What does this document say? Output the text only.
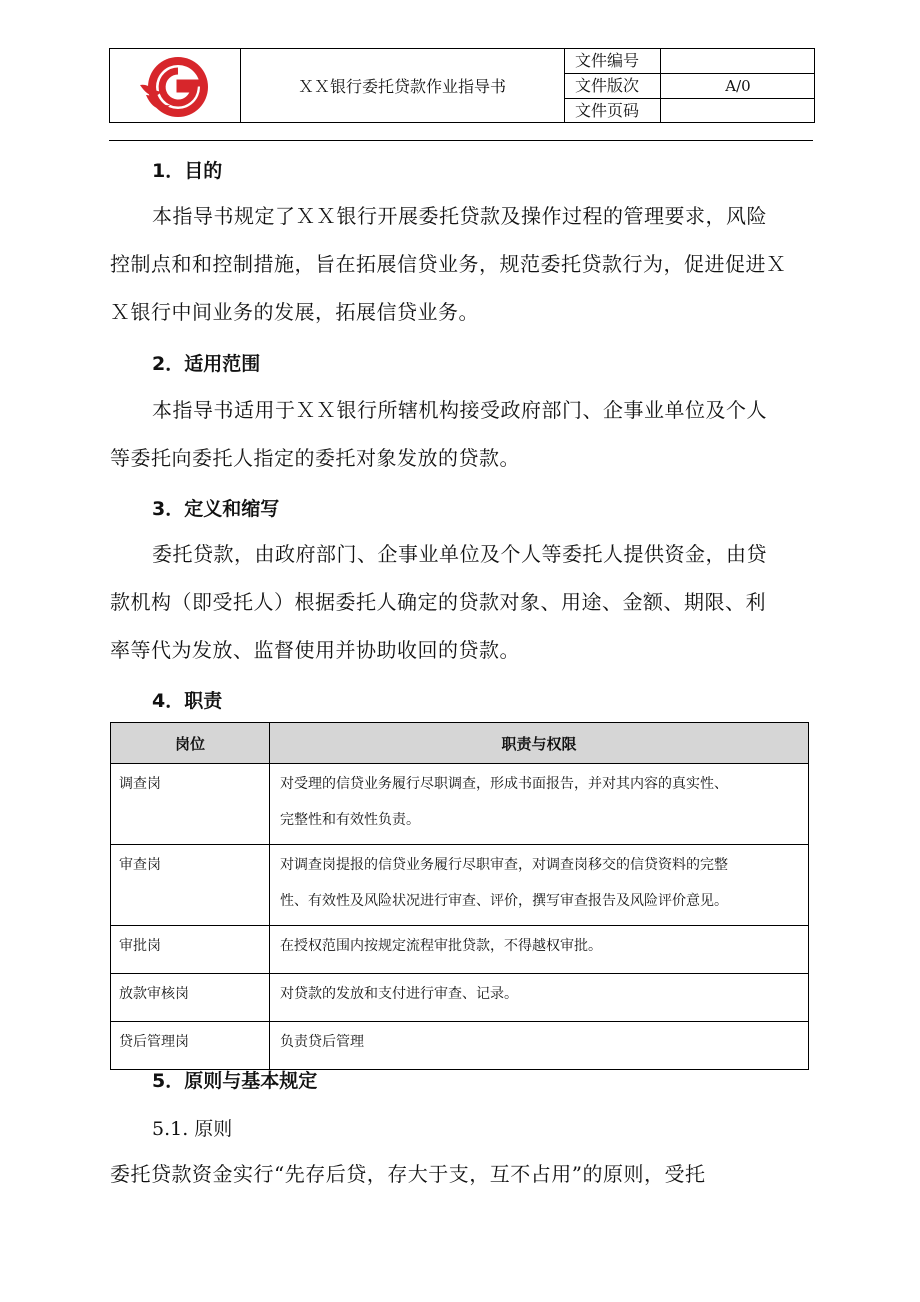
ＸＸ银行委托贷款作业指导书
文件编号
文件版次	A/0
文件页码
1．目的
本指导书规定了ＸＸ银行开展委托贷款及操作过程的管理要求，风险
控制点和和控制措施，旨在拓展信贷业务，规范委托贷款行为，促进促进Ｘ
Ｘ银行中间业务的发展，拓展信贷业务。
2．适用范围
本指导书适用于ＸＸ银行所辖机构接受政府部门、企事业单位及个人
等委托向委托人指定的委托对象发放的贷款。
3．定义和缩写
委托贷款，由政府部门、企事业单位及个人等委托人提供资金，由贷
款机构（即受托人）根据委托人确定的贷款对象、用途、金额、期限、利
率等代为发放、监督使用并协助收回的贷款。
4．职责
岗位	职责与权限
调查岗	对受理的信贷业务履行尽职调查，形成书面报告，并对其内容的真实性、
完整性和有效性负责。

审查岗	对调查岗提报的信贷业务履行尽职审查，对调查岗移交的信贷资料的完整
性、有效性及风险状况进行审查、评价，撰写审查报告及风险评价意见。

审批岗	在授权范围内按规定流程审批贷款，不得越权审批。

放款审核岗	对贷款的发放和支付进行审查、记录。

贷后管理岗	负责贷后管理
5．原则与基本规定
5.1. 原则
委托贷款资金实行“先存后贷，存大于支，互不占用”的原则，受托
